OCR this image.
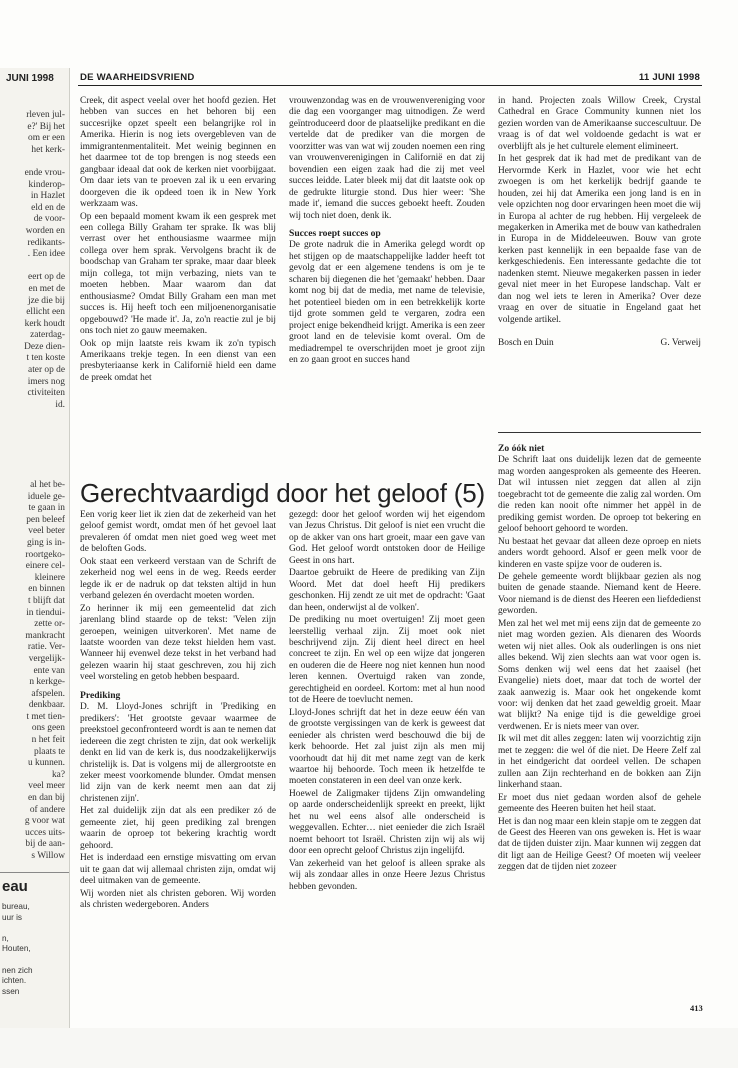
JUNI 1998
rleven jul-
e?' Bij het
om er een
het kerk-

ende vrou-
kinderop-
in Hazlet
eld en de
de voor-
worden en
redikants-
. Een idee

eert op de
en met de
jze die bij
ellicht een
kerk houdt
zaterdag-
Deze dien-
t ten koste
ater op de
imers nog
ctiviteiten
id.
al het be-
iduele ge-
te gaan in
pen beleef
veel beter
ging is in-
roortgeko-
einere cel-
kleinere
en binnen
t blijft dat
in tiendui-
zette or-
mankracht
ratie. Ver-
vergelijk-
ente van
n kerkge-
afspelen.
denkbaar.
t met tien-
ons geen
n het feit
plaats te
u kunnen.
ka?
veel meer
en dan bij
of andere
g voor wat
ucces uits-
bij de aan-
s Willow
eau
bureau,
uur is

n,
Houten,

nen zich
ichten.
ssen
DE WAARHEIDSVRIEND	11 JUNI 1998

Creek, dit aspect veelal over het hoofd gezien. Het hebben van succes en het behoren bij een succesrijke opzet speelt een belangrijke rol in Amerika. Hierin is nog iets overgebleven van de immigrantenmentaliteit. Met weinig beginnen en het daarmee tot de top brengen is nog steeds een gangbaar ideaal dat ook de kerken niet voorbijgaat. Om daar iets van te proeven zal ik u een ervaring doorgeven die ik opdeed toen ik in New York werkzaam was.

Op een bepaald moment kwam ik een gesprek met een collega Billy Graham ter sprake. Ik was blij verrast over het enthousiasme waarmee mijn collega over hem sprak. Vervolgens bracht ik de boodschap van Graham ter sprake, maar daar bleek mijn collega, tot mijn verbazing, niets van te moeten hebben. Maar waarom dan dat enthousiasme? Omdat Billy Graham een man met succes is. Hij heeft toch een miljoenenorganisatie opgebouwd? 'He made it'. Ja, zo'n reactie zul je bij ons toch niet zo gauw meemaken.

Ook op mijn laatste reis kwam ik zo'n typisch Amerikaans trekje tegen. In een dienst van een presbyteriaanse kerk in Californië hield een dame de preek omdat het

vrouwenzondag was en de vrouwenvereniging voor die dag een voorganger mag uitnodigen. Ze werd geïntroduceerd door de plaatselijke predikant en die vertelde dat de prediker van die morgen de voorzitter was van wat wij zouden noemen een ring van vrouwenverenigingen in Californië en dat zij bovendien een eigen zaak had die zij met veel succes leidde. Later bleek mij dat dit laatste ook op de gedrukte liturgie stond. Dus hier weer: 'She made it', iemand die succes geboekt heeft. Zouden wij toch niet doen, denk ik.

Succes roept succes op

De grote nadruk die in Amerika gelegd wordt op het stijgen op de maatschappelijke ladder heeft tot gevolg dat er een algemene tendens is om je te scharen bij diegenen die het 'gemaakt' hebben. Daar komt nog bij dat de media, met name de televisie, het potentieel bieden om in een betrekkelijk korte tijd grote sommen geld te vergaren, zodra een project enige bekendheid krijgt. Amerika is een zeer groot land en de televisie komt overal. Om de mediadrempel te overschrijden moet je groot zijn en zo gaan groot en succes hand

in hand. Projecten zoals Willow Creek, Crystal Cathedral en Grace Community kunnen niet los gezien worden van de Amerikaanse succescultuur. De vraag is of dat wel voldoende gedacht is wat er overblijft als je het culturele element elimineert.

In het gesprek dat ik had met de predikant van de Hervormde Kerk in Hazlet, voor wie het echt zwoegen is om het kerkelijk bedrijf gaande te houden, zei hij dat Amerika een jong land is en in vele opzichten nog door ervaringen heen moet die wij in Europa al achter de rug hebben. Hij vergeleek de megakerken in Amerika met de bouw van kathedralen in Europa in de Middeleeuwen. Bouw van grote kerken past kennelijk in een bepaalde fase van de kerkgeschiedenis. Een interessante gedachte die tot nadenken stemt. Nieuwe megakerken passen in ieder geval niet meer in het Europese landschap. Valt er dan nog wel iets te leren in Amerika? Over deze vraag en over de situatie in Engeland gaat het volgende artikel.

Bosch en Duin	G. Verweij
Gerechtvaardigd door het geloof (5)

Een vorig keer liet ik zien dat de zekerheid van het geloof gemist wordt, omdat men óf het gevoel laat prevaleren óf omdat men niet goed weg weet met de beloften Gods.

Ook staat een verkeerd verstaan van de Schrift de zekerheid nog wel eens in de weg. Reeds eerder legde ik er de nadruk op dat teksten altijd in hun verband gelezen én overdacht moeten worden.

Zo herinner ik mij een gemeentelid dat zich jarenlang blind staarde op de tekst: 'Velen zijn geroepen, weinigen uitverkoren'. Met name de laatste woorden van deze tekst hielden hem vast. Wanneer hij evenwel deze tekst in het verband had gelezen waarin hij staat geschreven, zou hij zich veel worsteling en getob hebben bespaard.

Prediking

D. M. Lloyd-Jones schrijft in 'Prediking en predikers': 'Het grootste gevaar waarmee de preekstoel geconfronteerd wordt is aan te nemen dat iedereen die zegt christen te zijn, dat ook werkelijk denkt en lid van de kerk is, dus noodzakelijkerwijs christelijk is. Dat is volgens mij de allergrootste en zeker meest voorkomende blunder. Omdat mensen lid zijn van de kerk neemt men aan dat zij christenen zijn'.

Het zal duidelijk zijn dat als een prediker zó de gemeente ziet, hij geen prediking zal brengen waarin de oproep tot bekering krachtig wordt gehoord.

Het is inderdaad een ernstige misvatting om ervan uit te gaan dat wij allemaal christen zijn, omdat wij deel uitmaken van de gemeente.

Wij worden niet als christen geboren. Wij worden als christen wedergeboren. Anders

gezegd: door het geloof worden wij het eigendom van Jezus Christus. Dit geloof is niet een vrucht die op de akker van ons hart groeit, maar een gave van God. Het geloof wordt ontstoken door de Heilige Geest in ons hart.

Daartoe gebruikt de Heere de prediking van Zijn Woord. Met dat doel heeft Hij predikers geschonken. Hij zendt ze uit met de opdracht: 'Gaat dan heen, onderwijst al de volken'.

De prediking nu moet overtuigen! Zij moet geen leerstellig verhaal zijn. Zij moet ook niet beschrijvend zijn. Zij dient heel direct en heel concreet te zijn. En wel op een wijze dat jongeren en ouderen die de Heere nog niet kennen hun nood leren kennen. Overtuigd raken van zonde, gerechtigheid en oordeel. Kortom: met al hun nood tot de Heere de toevlucht nemen.

Lloyd-Jones schrijft dat het in deze eeuw één van de grootste vergissingen van de kerk is geweest dat eenieder als christen werd beschouwd die bij de kerk behoorde. Het zal juist zijn als men mij voorhoudt dat hij dit met name zegt van de kerk waartoe hij behoorde. Toch meen ik hetzelfde te moeten constateren in een deel van onze kerk.

Hoewel de Zaligmaker tijdens Zijn omwandeling op aarde onderscheidenlijk spreekt en preekt, lijkt het nu wel eens alsof alle onderscheid is weggevallen. Echter… niet eenieder die zich Israël noemt behoort tot Israël. Christen zijn wij als wij door een oprecht geloof Christus zijn ingelijfd.

Van zekerheid van het geloof is alleen sprake als wij als zondaar alles in onze Heere Jezus Christus hebben gevonden.

Zo óók niet

De Schrift laat ons duidelijk lezen dat de gemeente mag worden aangesproken als gemeente des Heeren. Dat wil intussen niet zeggen dat allen al zijn toegebracht tot de gemeente die zalig zal worden. Om die reden kan nooit ofte nimmer het appèl in de prediking gemist worden. De oproep tot bekering en geloof behoort gehoord te worden.

Nu bestaat het gevaar dat alleen deze oproep en niets anders wordt gehoord. Alsof er geen melk voor de kinderen en vaste spijze voor de ouderen is.

De gehele gemeente wordt blijkbaar gezien als nog buiten de genade staande. Niemand kent de Heere. Voor niemand is de dienst des Heeren een liefdedienst geworden.

Men zal het wel met mij eens zijn dat de gemeente zo niet mag worden gezien. Als dienaren des Woords weten wij niet alles. Ook als ouderlingen is ons niet alles bekend. Wij zien slechts aan wat voor ogen is. Soms denken wij wel eens dat het zaaisel (het Evangelie) niets doet, maar dat toch de wortel der zaak aanwezig is. Maar ook het ongekende komt voor: wij denken dat het zaad geweldig groeit. Maar wat blijkt? Na enige tijd is die geweldige groei verdwenen. Er is niets meer van over.

Ik wil met dit alles zeggen: laten wij voorzichtig zijn met te zeggen: die wel óf die niet. De Heere Zelf zal in het eindgericht dat oordeel vellen. De schapen zullen aan Zijn rechterhand en de bokken aan Zijn linkerhand staan.

Er moet dus niet gedaan worden alsof de gehele gemeente des Heeren buiten het heil staat.

Het is dan nog maar een klein stapje om te zeggen dat de Geest des Heeren van ons geweken is. Het is waar dat de tijden duister zijn. Maar kunnen wij zeggen dat dit ligt aan de Heilige Geest? Of moeten wij veeleer zeggen dat de tijden niet zozeer

413
